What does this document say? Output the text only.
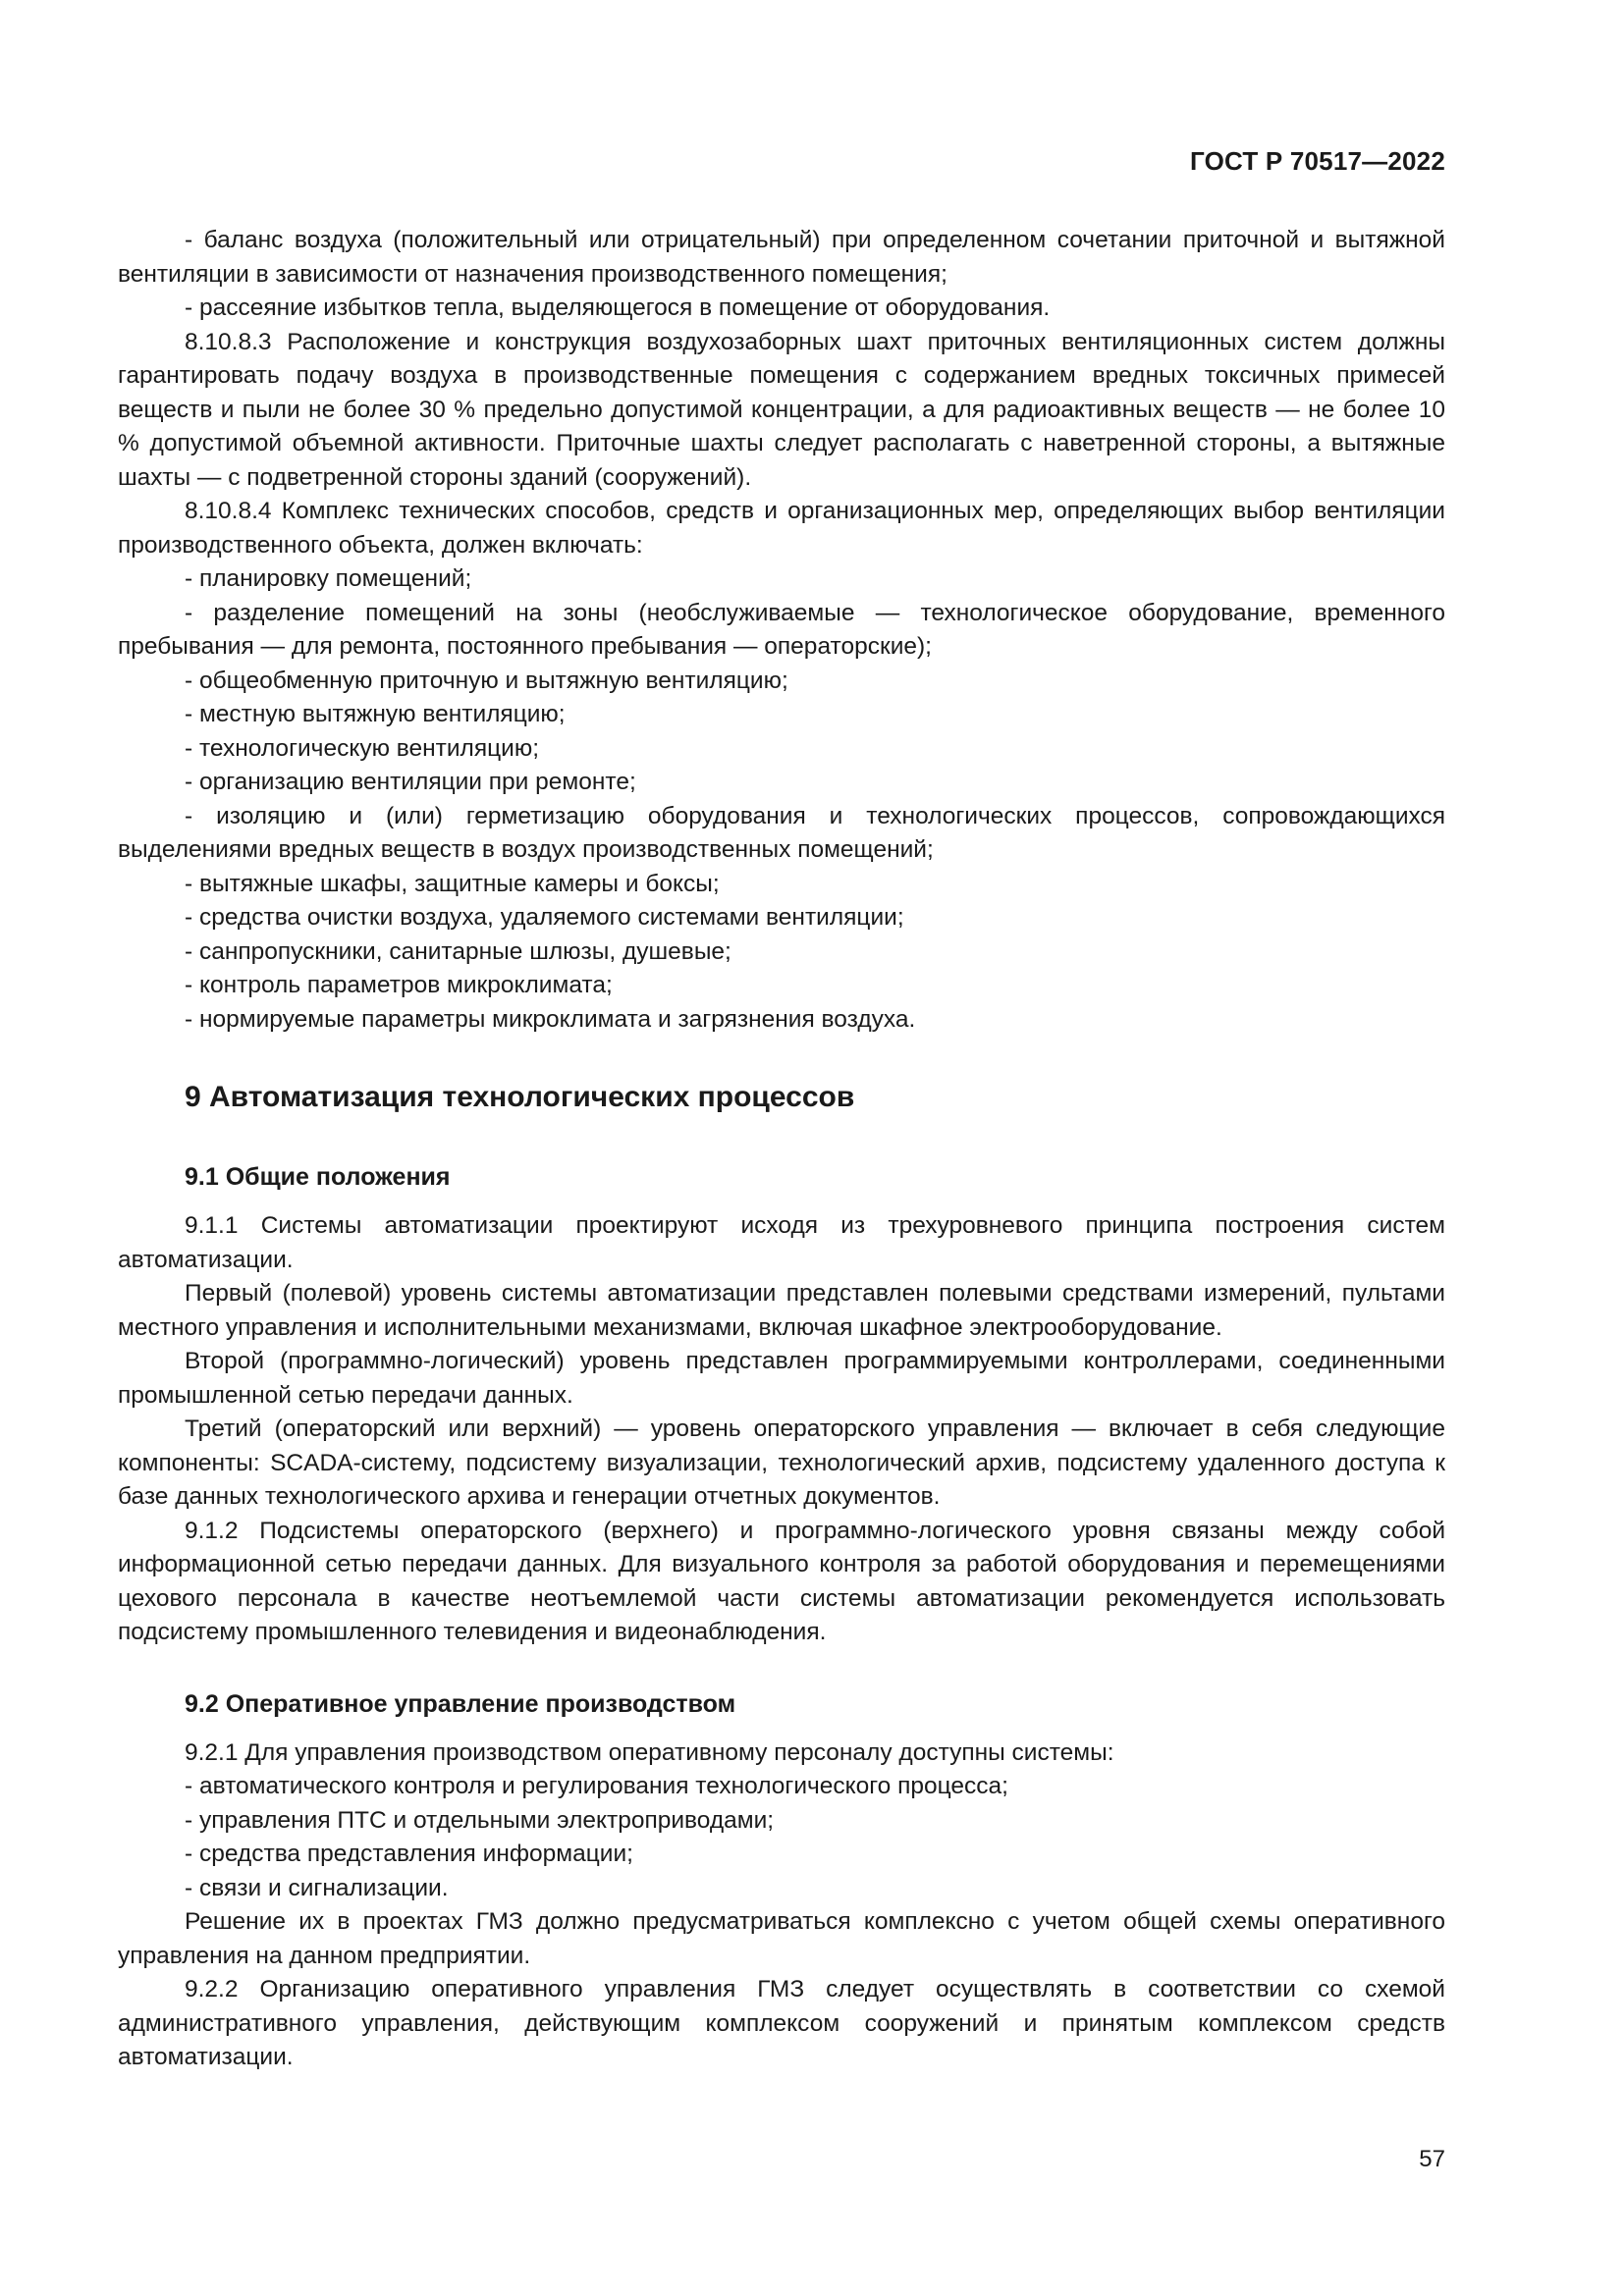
ГОСТ Р 70517—2022

- баланс воздуха (положительный или отрицательный) при определенном сочетании приточной и вытяжной вентиляции в зависимости от назначения производственного помещения;

- рассеяние избытков тепла, выделяющегося в помещение от оборудования.

8.10.8.3 Расположение и конструкция воздухозаборных шахт приточных вентиляционных систем должны гарантировать подачу воздуха в производственные помещения с содержанием вредных токсичных примесей веществ и пыли не более 30 % предельно допустимой концентрации, а для радиоактивных веществ — не более 10 % допустимой объемной активности. Приточные шахты следует располагать с наветренной стороны, а вытяжные шахты — с подветренной стороны зданий (сооружений).

8.10.8.4 Комплекс технических способов, средств и организационных мер, определяющих выбор вентиляции производственного объекта, должен включать:

- планировку помещений;

- разделение помещений на зоны (необслуживаемые — технологическое оборудование, временного пребывания — для ремонта, постоянного пребывания — операторские);

- общеобменную приточную и вытяжную вентиляцию;

- местную вытяжную вентиляцию;

- технологическую вентиляцию;

- организацию вентиляции при ремонте;

- изоляцию и (или) герметизацию оборудования и технологических процессов, сопровождающихся выделениями вредных веществ в воздух производственных помещений;

- вытяжные шкафы, защитные камеры и боксы;

- средства очистки воздуха, удаляемого системами вентиляции;

- санпропускники, санитарные шлюзы, душевые;

- контроль параметров микроклимата;

- нормируемые параметры микроклимата и загрязнения воздуха.

9 Автоматизация технологических процессов
9.1 Общие положения

9.1.1 Системы автоматизации проектируют исходя из трехуровневого принципа построения систем автоматизации.

Первый (полевой) уровень системы автоматизации представлен полевыми средствами измерений, пультами местного управления и исполнительными механизмами, включая шкафное электрооборудование.

Второй (программно-логический) уровень представлен программируемыми контроллерами, соединенными промышленной сетью передачи данных.

Третий (операторский или верхний) — уровень операторского управления — включает в себя следующие компоненты: SCADA-систему, подсистему визуализации, технологический архив, подсистему удаленного доступа к базе данных технологического архива и генерации отчетных документов.

9.1.2 Подсистемы операторского (верхнего) и программно-логического уровня связаны между собой информационной сетью передачи данных. Для визуального контроля за работой оборудования и перемещениями цехового персонала в качестве неотъемлемой части системы автоматизации рекомендуется использовать подсистему промышленного телевидения и видеонаблюдения.

9.2 Оперативное управление производством

9.2.1 Для управления производством оперативному персоналу доступны системы:

- автоматического контроля и регулирования технологического процесса;

- управления ПТС и отдельными электроприводами;

- средства представления информации;

- связи и сигнализации.

Решение их в проектах ГМЗ должно предусматриваться комплексно с учетом общей схемы оперативного управления на данном предприятии.

9.2.2 Организацию оперативного управления ГМЗ следует осуществлять в соответствии со схемой административного управления, действующим комплексом сооружений и принятым комплексом средств автоматизации.

57
